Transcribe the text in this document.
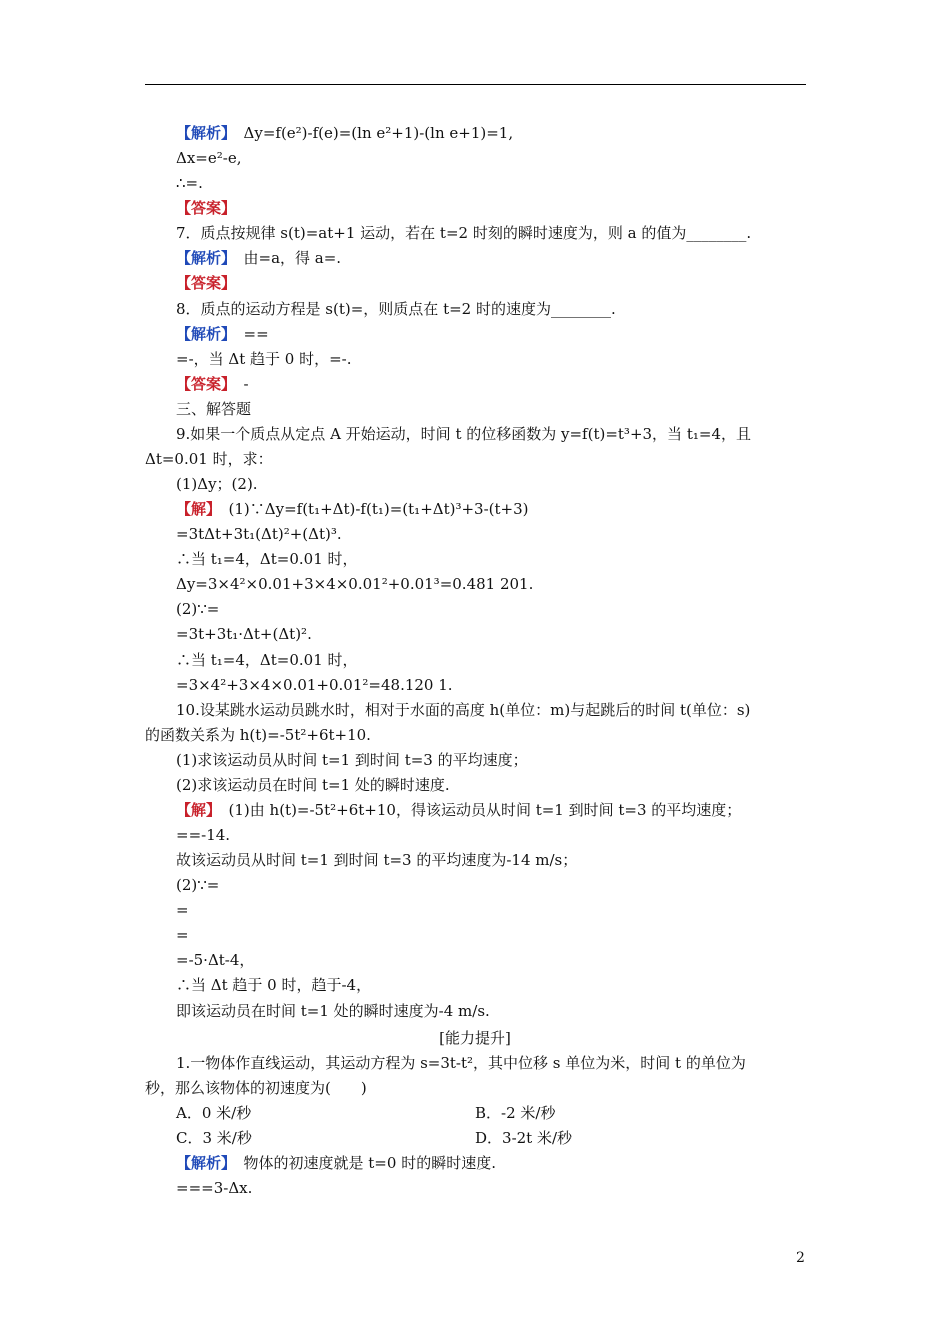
【解析】　Δy=f(e²)-f(e)=(ln e²+1)-(ln e+1)=1,
Δx=e²-e,
∴=.
【答案】
7．质点按规律 s(t)=at+1 运动，若在 t=2 时刻的瞬时速度为，则 a 的值为________.
【解析】　由=a，得 a=.
【答案】
8．质点的运动方程是 s(t)=，则质点在 t=2 时的速度为________.
【解析】　==
=-，当 Δt 趋于 0 时，=-.
【答案】　-
三、解答题
9.如果一个质点从定点 A 开始运动，时间 t 的位移函数为 y=f(t)=t³+3，当 t₁=4，且
Δt=0.01 时，求：
(1)Δy；(2).
【解】　(1)∵Δy=f(t₁+Δt)-f(t₁)=(t₁+Δt)³+3-(t+3)
=3tΔt+3t₁(Δt)²+(Δt)³.
∴当 t₁=4，Δt=0.01 时，
Δy=3×4²×0.01+3×4×0.01²+0.01³=0.481 201.
(2)∵=
=3t+3t₁·Δt+(Δt)².
∴当 t₁=4，Δt=0.01 时，
=3×4²+3×4×0.01+0.01²=48.120 1.
10.设某跳水运动员跳水时，相对于水面的高度 h(单位：m)与起跳后的时间 t(单位：s)
的函数关系为 h(t)=-5t²+6t+10.
(1)求该运动员从时间 t=1 到时间 t=3 的平均速度；
(2)求该运动员在时间 t=1 处的瞬时速度.
【解】　(1)由 h(t)=-5t²+6t+10，得该运动员从时间 t=1 到时间 t=3 的平均速度；
==-14.
故该运动员从时间 t=1 到时间 t=3 的平均速度为-14 m/s；
(2)∵=
=
=
=-5·Δt-4，
∴当 Δt 趋于 0 时，趋于-4，
即该运动员在时间 t=1 处的瞬时速度为-4 m/s.
[能力提升]
1.一物体作直线运动，其运动方程为 s=3t-t²，其中位移 s 单位为米，时间 t 的单位为
秒，那么该物体的初速度为(　　)
A．0 米/秒	B．-2 米/秒
C．3 米/秒	D．3-2t 米/秒
【解析】　物体的初速度就是 t=0 时的瞬时速度.
===3-Δx.
2
